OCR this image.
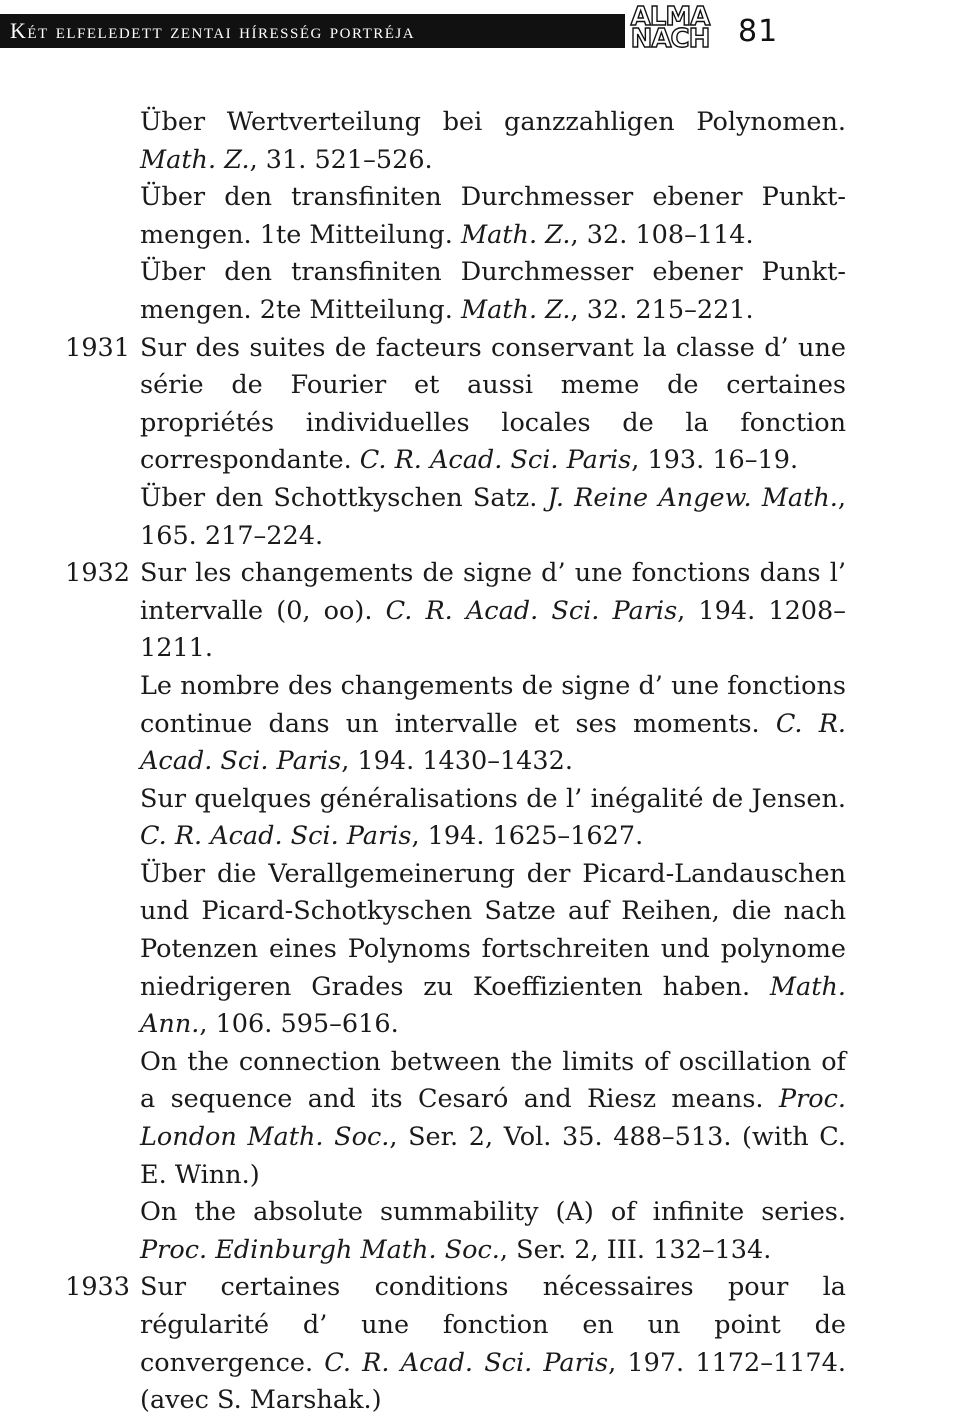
Két elfeledett zentai híresség portréja	ALMA
NACH 81
Über Wertverteilung bei ganzzahligen Polynomen. Math. Z., 31. 521–526.
Über den transfiniten Durchmesser ebener Punktmengen. 1te Mitteilung. Math. Z., 32. 108–114.
Über den transfiniten Durchmesser ebener Punktmengen. 2te Mitteilung. Math. Z., 32. 215–221.
1931 Sur des suites de facteurs conservant la classe d’ une série de Fourier et aussi meme de certaines propriétés individuelles locales de la fonction correspondante. C. R. Acad. Sci. Paris, 193. 16–19.
Über den Schottkyschen Satz. J. Reine Angew. Math., 165. 217–224.
1932 Sur les changements de signe d’ une fonctions dans l’ intervalle (0, oo). C. R. Acad. Sci. Paris, 194. 1208–1211.
Le nombre des changements de signe d’ une fonctions continue dans un intervalle et ses moments. C. R. Acad. Sci. Paris, 194. 1430–1432.
Sur quelques généralisations de l’ inégalité de Jensen. C. R. Acad. Sci. Paris, 194. 1625–1627.
Über die Verallgemeinerung der Picard-Landauschen und Picard-Schotkyschen Satze auf Reihen, die nach Potenzen eines Polynoms fortschreiten und polynome niedrigeren Grades zu Koeffizienten haben. Math. Ann., 106. 595–616.
On the connection between the limits of oscillation of a sequence and its Cesaró and Riesz means. Proc. London Math. Soc., Ser. 2, Vol. 35. 488–513. (with C. E. Winn.)
On the absolute summability (A) of infinite series. Proc. Edinburgh Math. Soc., Ser. 2, III. 132–134.
1933 Sur certaines conditions nécessaires pour la régularité d’ une fonction en un point de convergence. C. R. Acad. Sci. Paris, 197. 1172–1174. (avec S. Marshak.)
